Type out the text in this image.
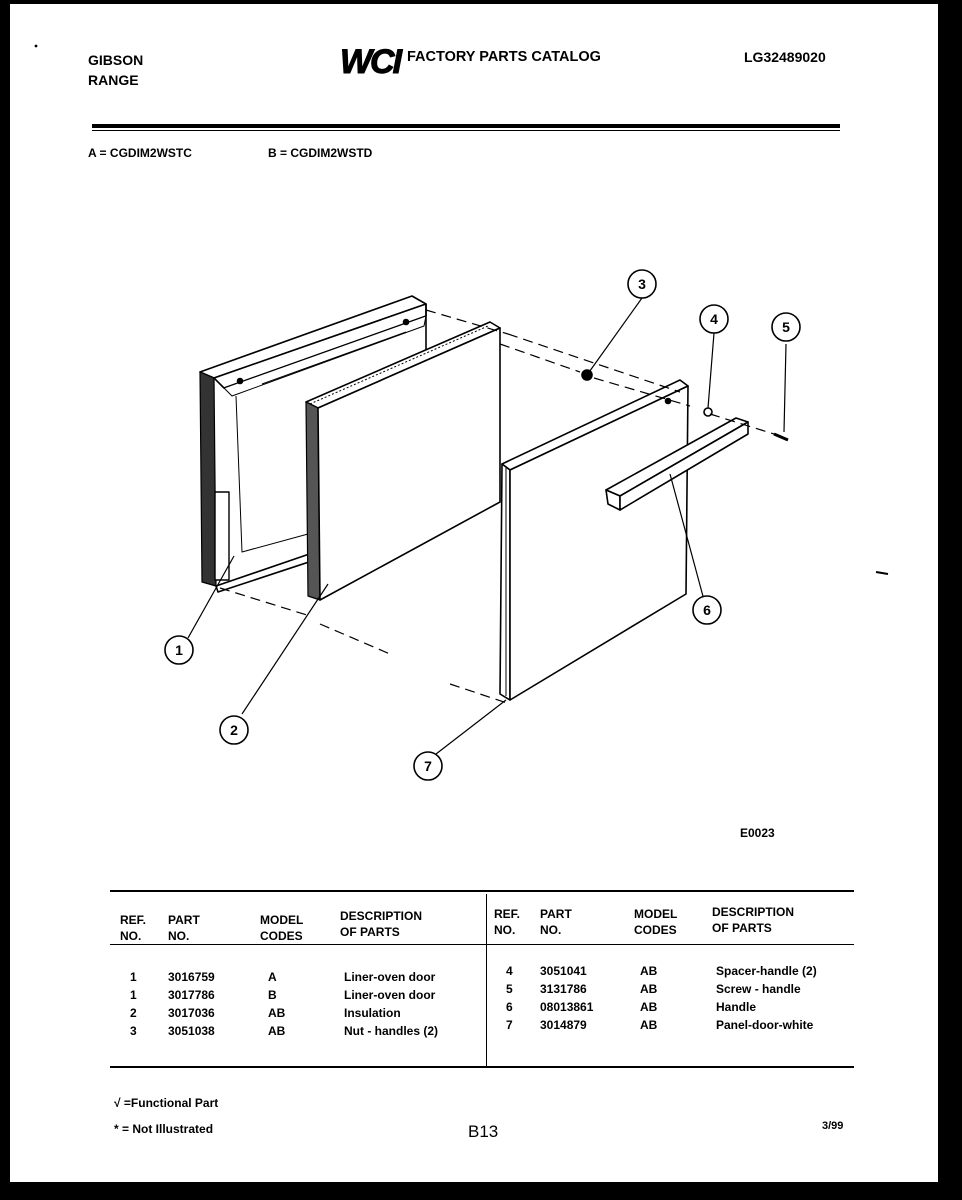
GIBSON
RANGE	WCI FACTORY PARTS CATALOG	LG32489020
A = CGDIM2WSTC	B = CGDIM2WSTD
1
2
3
4	5
6
7
E0023
REF.
NO.
PART
NO.
MODEL
CODES
DESCRIPTION
OF PARTS
REF.
NO.
PART
NO.
MODEL
CODES
DESCRIPTION
OF PARTS
1	3016759	A	Liner-oven door
1	3017786	B	Liner-oven door
2	3017036	AB	Insulation
3	3051038	AB	Nut - handles (2)
4 3051041	AB	Spacer-handle (2)
5 3131786	AB	Screw - handle
6 08013861	AB	Handle
7 3014879	AB	Panel-door-white
√ =Functional Part
* = Not Illustrated	B13	3/99
